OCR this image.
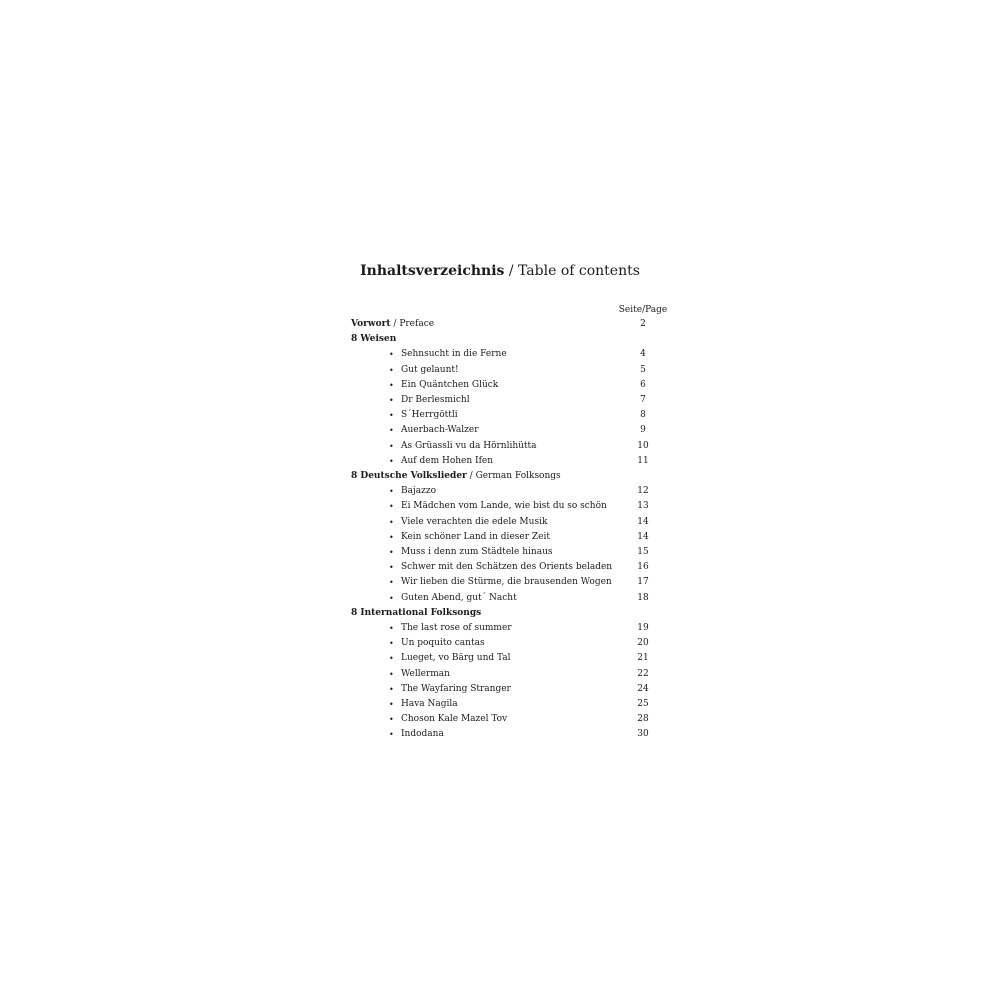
Inhaltsverzeichnis / Table of contents
Seite/Page
Vorwort / Preface	2
8 Weisen
• Sehnsucht in die Ferne	4
• Gut gelaunt!	5
• Ein Quäntchen Glück	6
• Dr Berlesmichl	7
• S´Herrgöttli	8
• Auerbach-Walzer	9
• As Grüassli vu da Hörnlihütta	10
• Auf dem Hohen Ifen	11
8 Deutsche Volkslieder / German Folksongs
• Bajazzo	12
• Ei Mädchen vom Lande, wie bist du so schön	13
• Viele verachten die edele Musik	14
• Kein schöner Land in dieser Zeit	14
• Muss i denn zum Städtele hinaus	15
• Schwer mit den Schätzen des Orients beladen	16
• Wir lieben die Stürme, die brausenden Wogen	17
• Guten Abend, gut´ Nacht	18
8 International Folksongs
• The last rose of summer	19
• Un poquito cantas	20
• Lueget, vo Bärg und Tal	21
• Wellerman	22
• The Wayfaring Stranger	24
• Hava Nagila	25
• Choson Kale Mazel Tov	28
• Indodana	30
